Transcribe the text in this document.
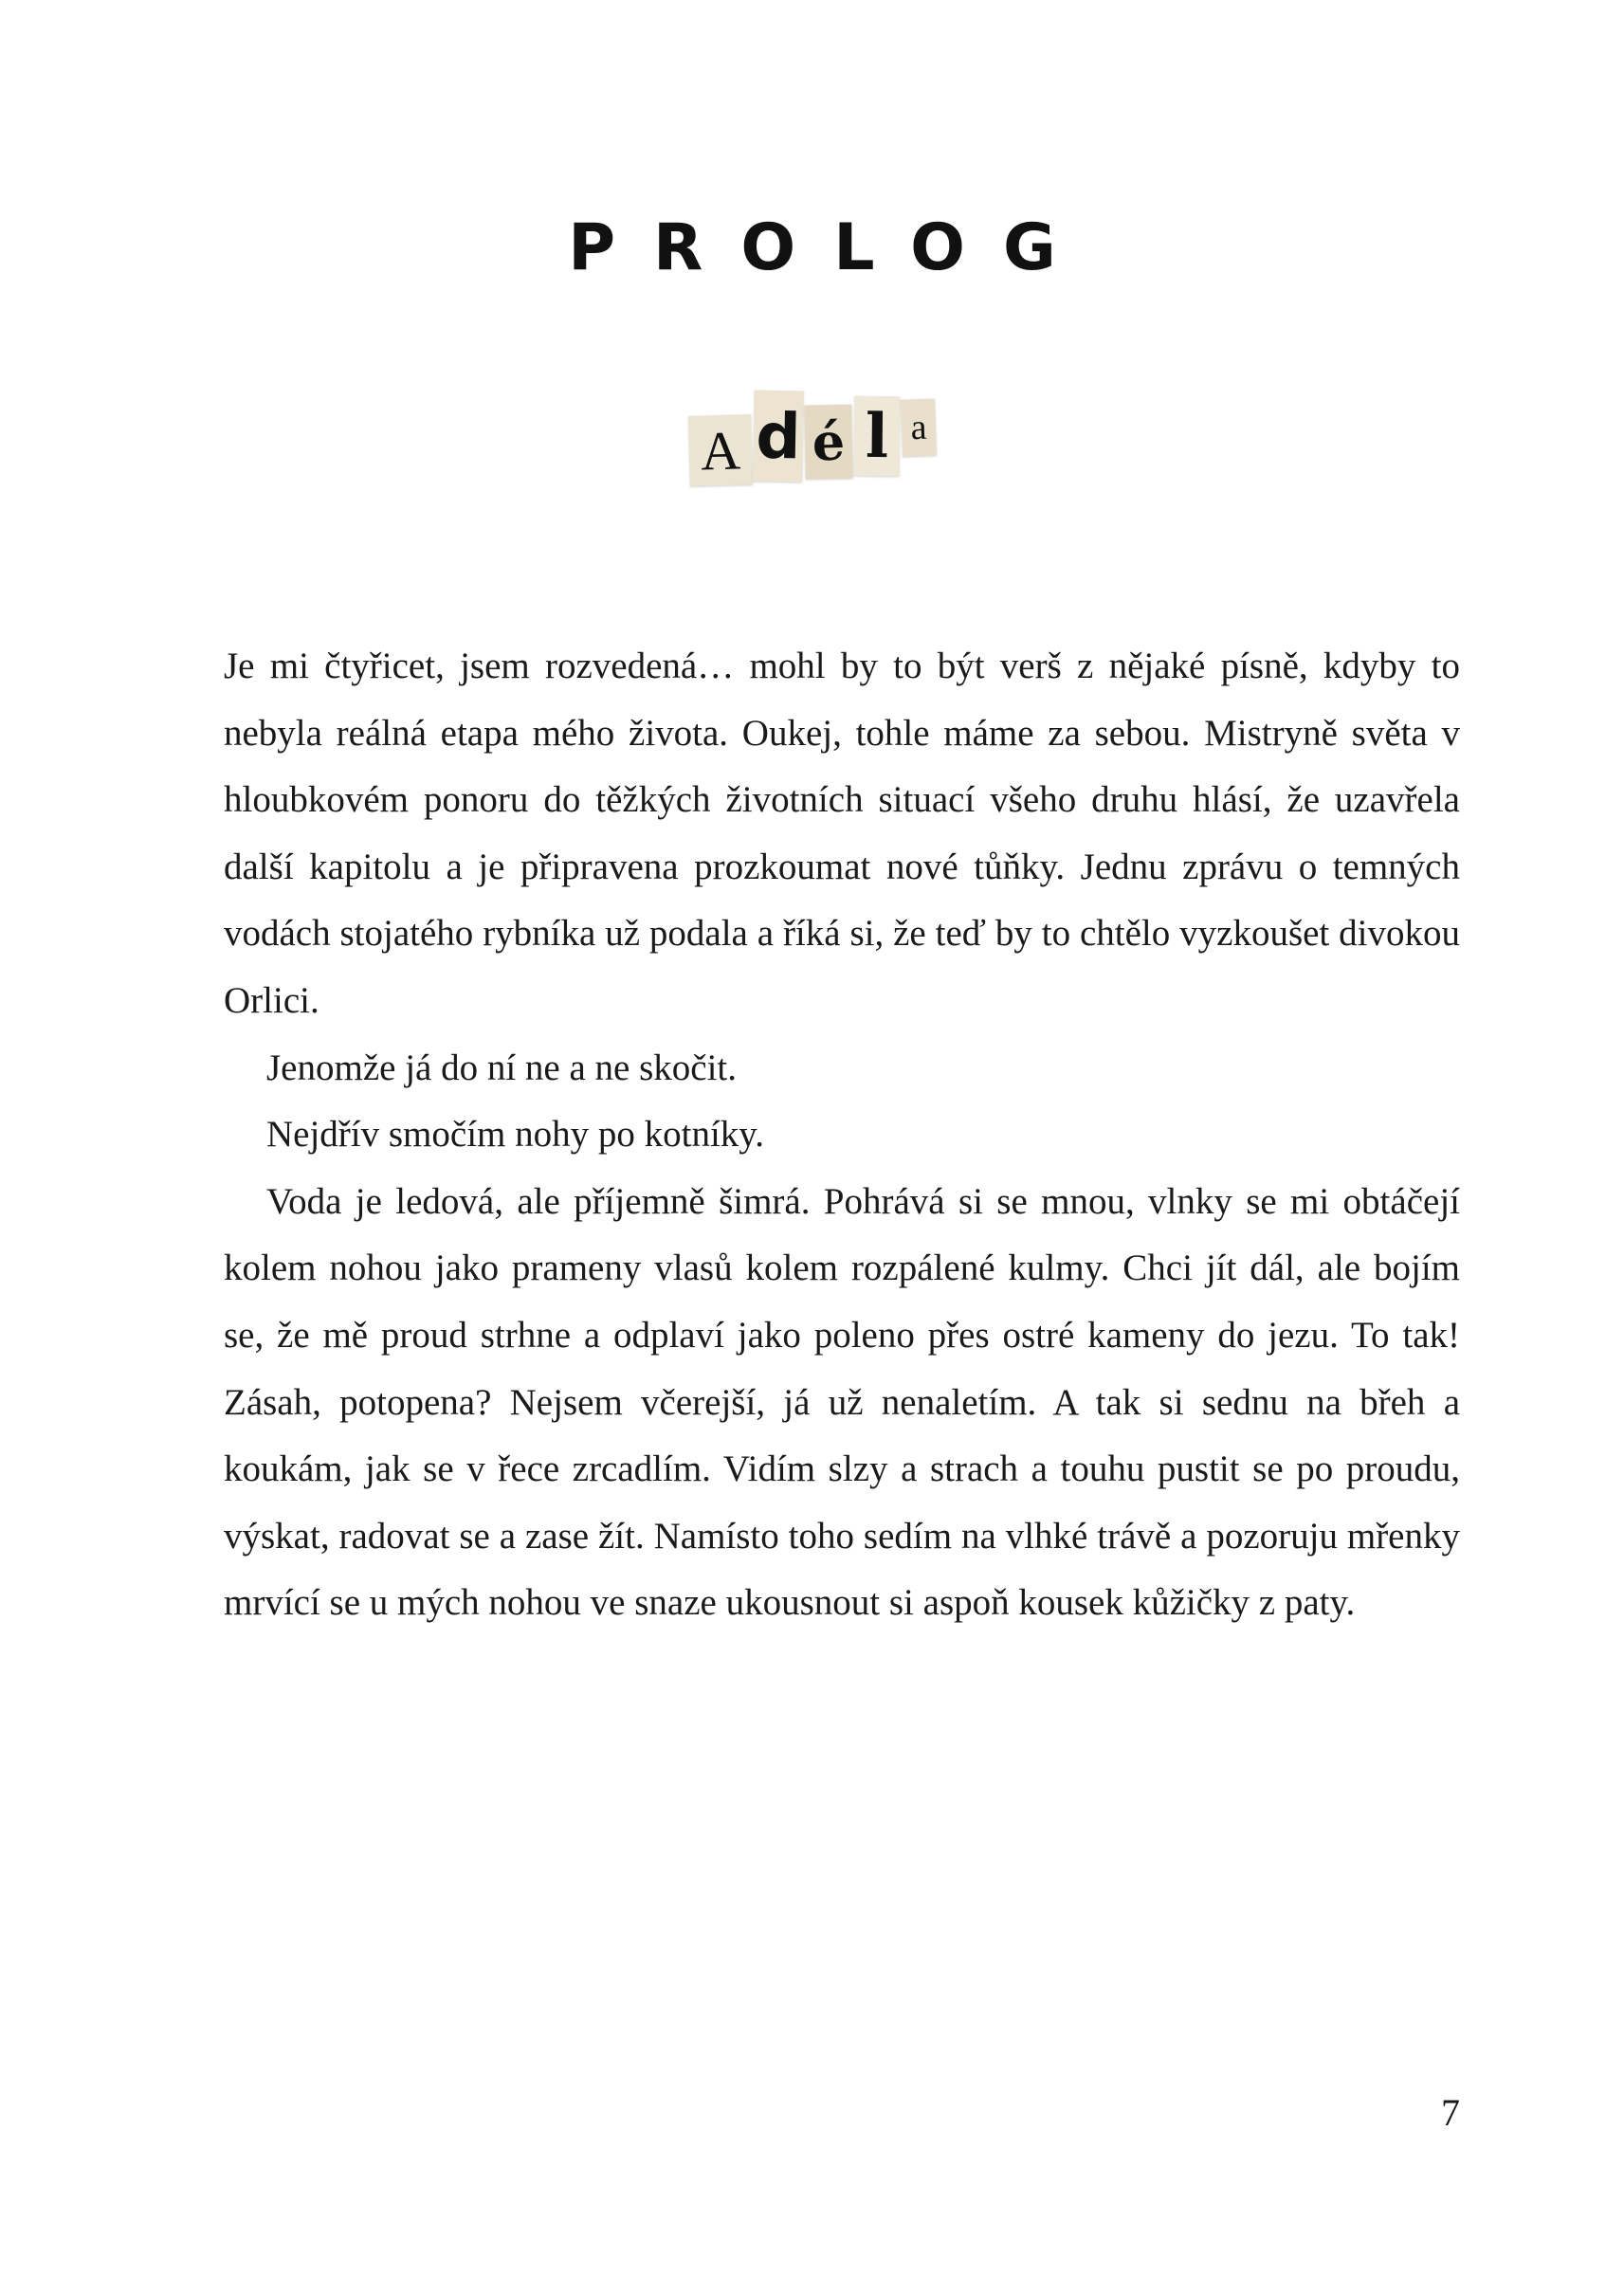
PROLOG
A d é l a

Je mi čtyřicet, jsem rozvedená… mohl by to být verš z nějaké písně, kdyby to nebyla reálná etapa mého života. Oukej, tohle máme za sebou. Mistryně světa v hloubkovém ponoru do těžkých životních situací všeho druhu hlásí, že uzavřela další kapitolu a je připravena prozkoumat nové tůňky. Jednu zprávu o temných vodách stojatého rybníka už podala a říká si, že teď by to chtělo vyzkoušet divokou Orlici.

Jenomže já do ní ne a ne skočit.

Nejdřív smočím nohy po kotníky.

Voda je ledová, ale příjemně šimrá. Pohrává si se mnou, vlnky se mi obtáčejí kolem nohou jako prameny vlasů kolem rozpálené kulmy. Chci jít dál, ale bojím se, že mě proud strhne a odplaví jako poleno přes ostré kameny do jezu. To tak! Zásah, potopena? Nejsem včerejší, já už nenaletím. A tak si sednu na břeh a koukám, jak se v řece zrcadlím. Vidím slzy a strach a touhu pustit se po proudu, výskat, radovat se a zase žít. Namísto toho sedím na vlhké trávě a pozoruju mřenky mrvící se u mých nohou ve snaze ukousnout si aspoň kousek kůžičky z paty.

7
